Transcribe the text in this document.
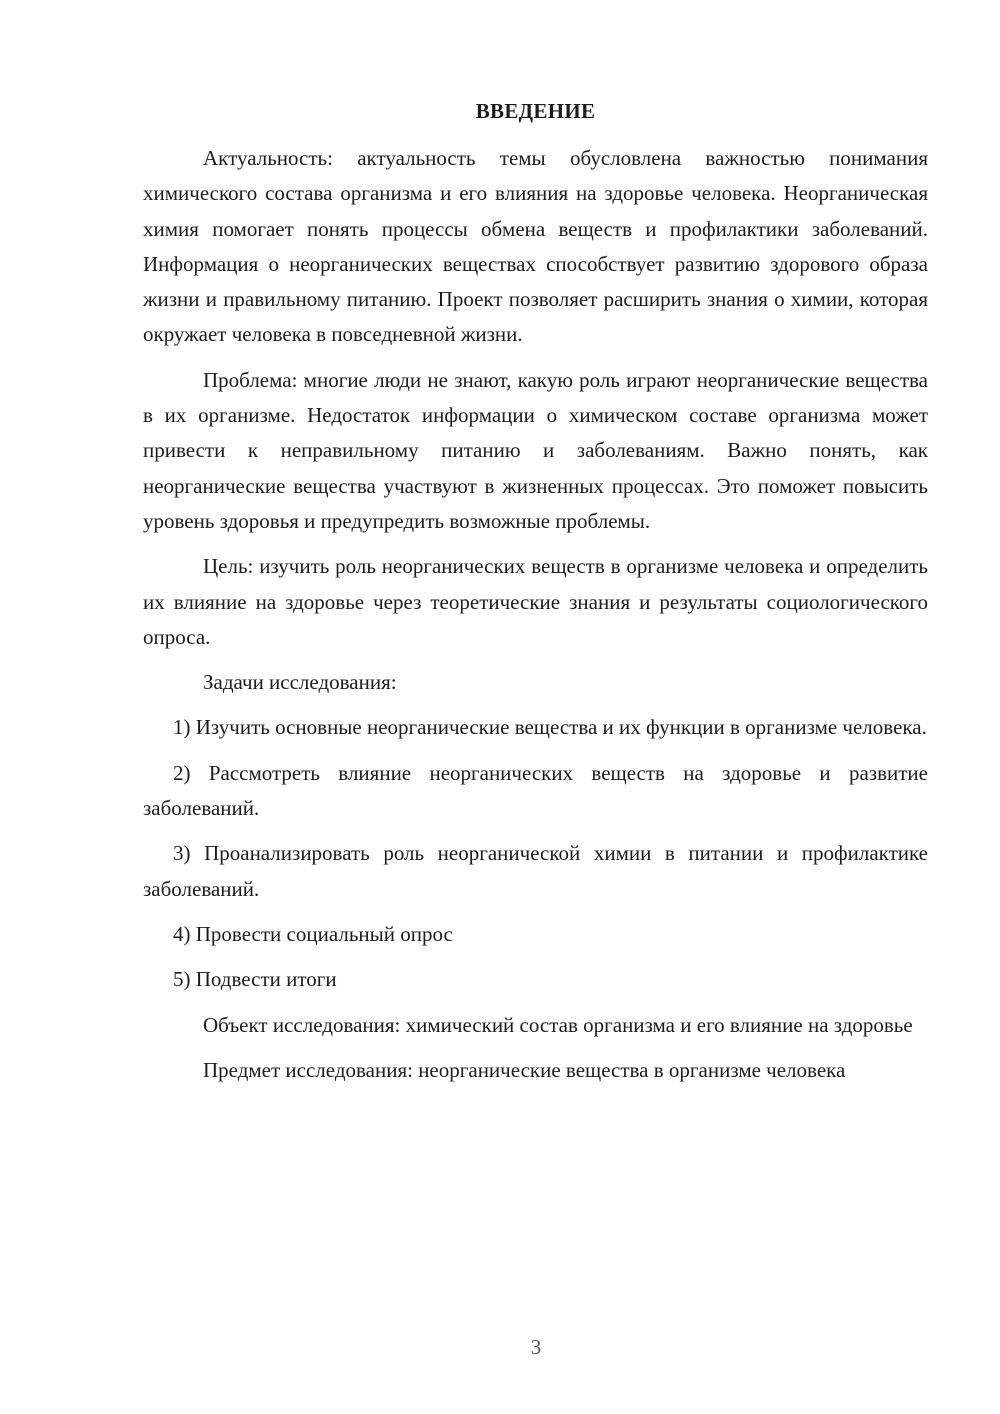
ВВЕДЕНИЕ

Актуальность: актуальность темы обусловлена важностью понимания химического состава организма и его влияния на здоровье человека. Неорганическая химия помогает понять процессы обмена веществ и профилактики заболеваний. Информация о неорганических веществах способствует развитию здорового образа жизни и правильному питанию. Проект позволяет расширить знания о химии, которая окружает человека в повседневной жизни.

Проблема: многие люди не знают, какую роль играют неорганические вещества в их организме. Недостаток информации о химическом составе организма может привести к неправильному питанию и заболеваниям. Важно понять, как неорганические вещества участвуют в жизненных процессах. Это поможет повысить уровень здоровья и предупредить возможные проблемы.

Цель: изучить роль неорганических веществ в организме человека и определить их влияние на здоровье через теоретические знания и результаты социологического опроса.

Задачи исследования:

1) Изучить основные неорганические вещества и их функции в организме человека.

2) Рассмотреть влияние неорганических веществ на здоровье и развитие заболеваний.

3) Проанализировать роль неорганической химии в питании и профилактике заболеваний.

4) Провести социальный опрос

5) Подвести итоги

Объект исследования: химический состав организма и его влияние на здоровье

Предмет исследования: неорганические вещества в организме человека

3
